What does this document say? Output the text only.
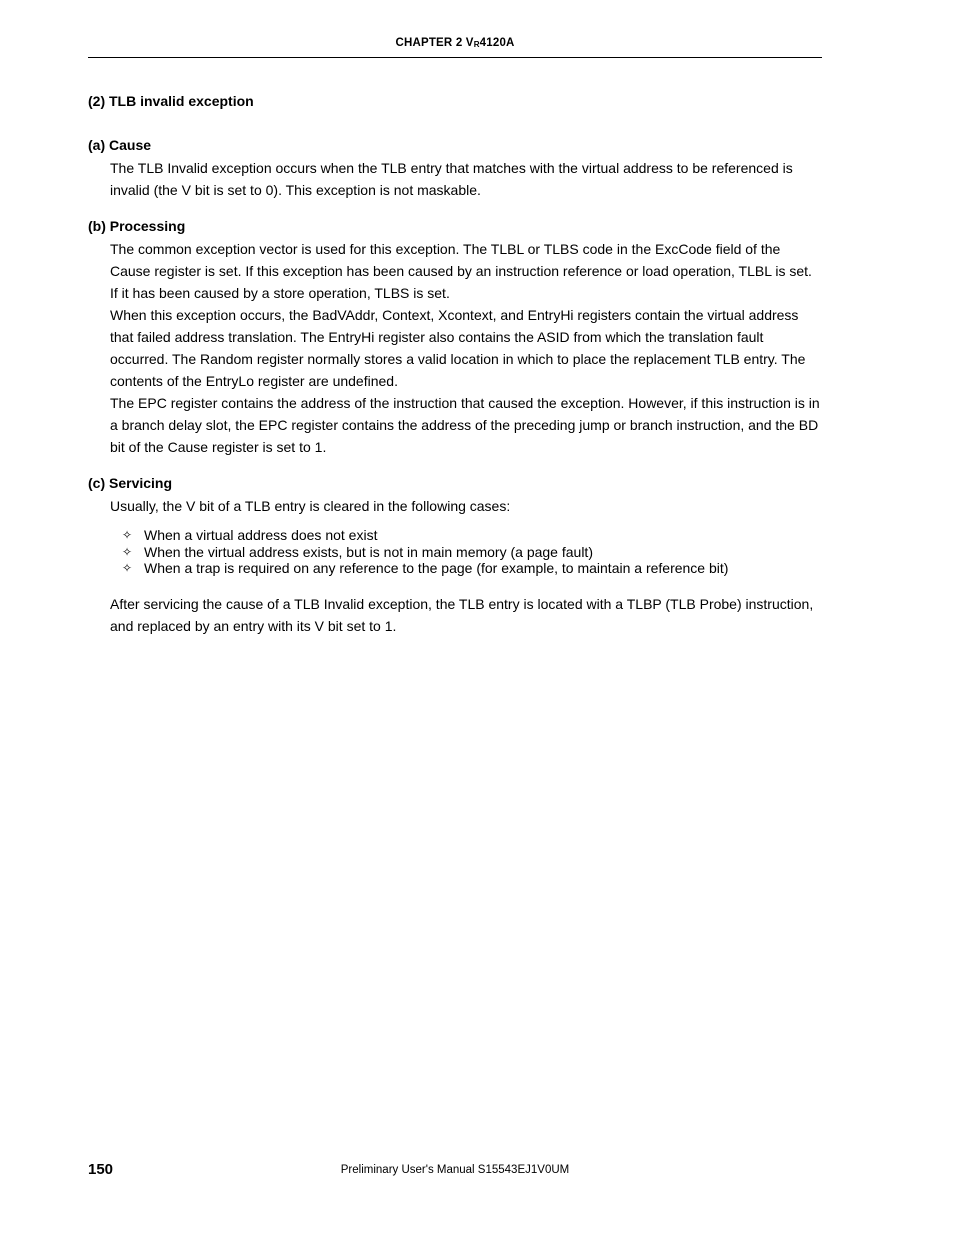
CHAPTER 2 VR4120A
(2) TLB invalid exception
(a) Cause

The TLB Invalid exception occurs when the TLB entry that matches with the virtual address to be referenced is invalid (the V bit is set to 0). This exception is not maskable.

(b) Processing

The common exception vector is used for this exception. The TLBL or TLBS code in the ExcCode field of the Cause register is set. If this exception has been caused by an instruction reference or load operation, TLBL is set. If it has been caused by a store operation, TLBS is set.

When this exception occurs, the BadVAddr, Context, Xcontext, and EntryHi registers contain the virtual address that failed address translation. The EntryHi register also contains the ASID from which the translation fault occurred. The Random register normally stores a valid location in which to place the replacement TLB entry. The contents of the EntryLo register are undefined.

The EPC register contains the address of the instruction that caused the exception. However, if this instruction is in a branch delay slot, the EPC register contains the address of the preceding jump or branch instruction, and the BD bit of the Cause register is set to 1.

(c) Servicing

Usually, the V bit of a TLB entry is cleared in the following cases:

✧ When a virtual address does not exist
✧ When the virtual address exists, but is not in main memory (a page fault)
✧ When a trap is required on any reference to the page (for example, to maintain a reference bit)

After servicing the cause of a TLB Invalid exception, the TLB entry is located with a TLBP (TLB Probe) instruction, and replaced by an entry with its V bit set to 1.

150	Preliminary User's Manual S15543EJ1V0UM
